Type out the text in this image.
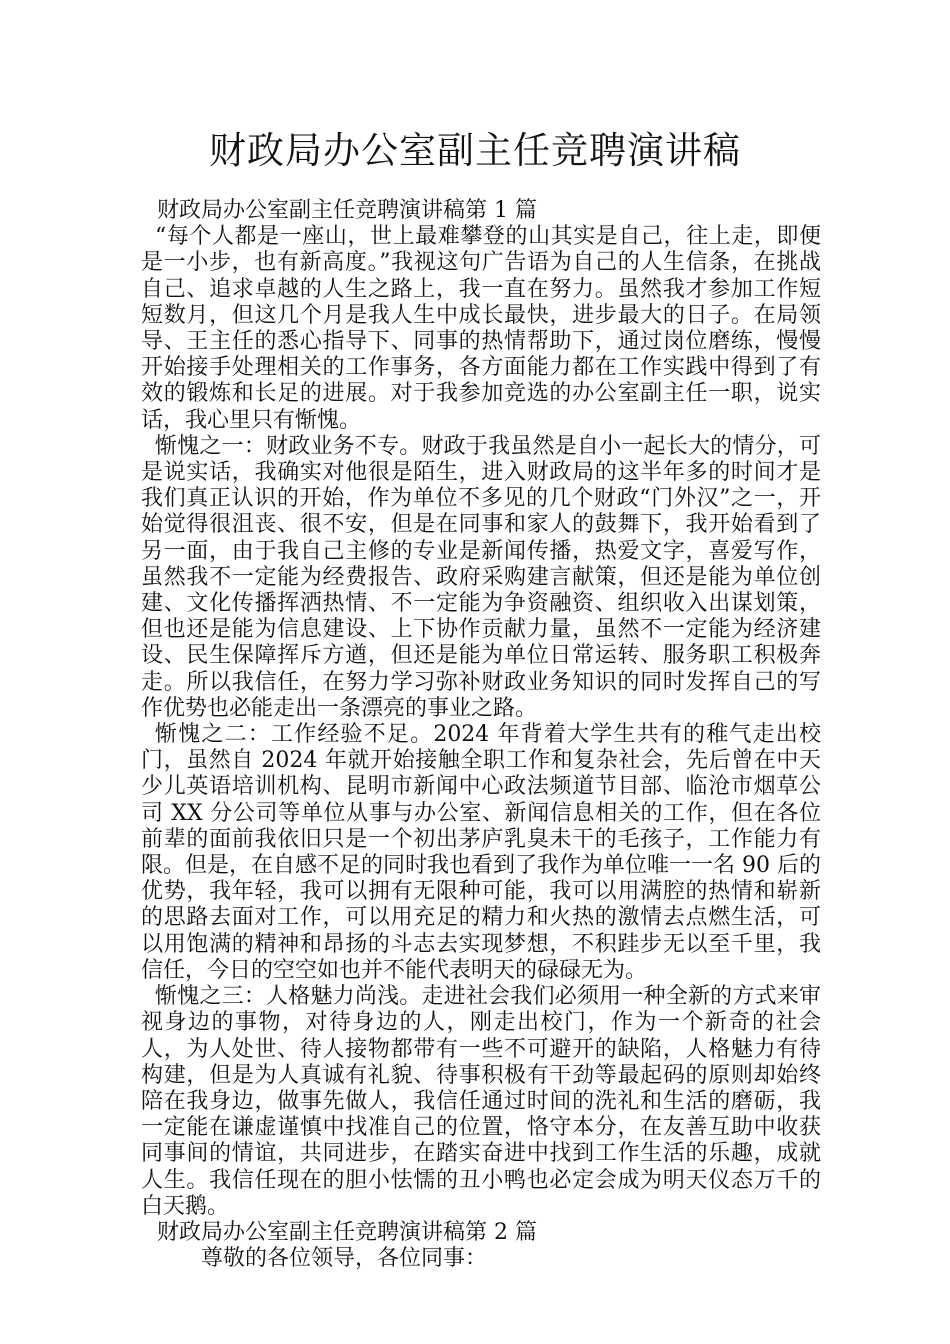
财政局办公室副主任竞聘演讲稿

财政局办公室副主任竞聘演讲稿第 1 篇

“每个人都是一座山，世上最难攀登的山其实是自己，往上走，即便是一小步，也有新高度。”我视这句广告语为自己的人生信条，在挑战自己、追求卓越的人生之路上，我一直在努力。虽然我才参加工作短短数月，但这几个月是我人生中成长最快，进步最大的日子。在局领导、王主任的悉心指导下、同事的热情帮助下，通过岗位磨练，慢慢开始接手处理相关的工作事务，各方面能力都在工作实践中得到了有效的锻炼和长足的进展。对于我参加竞选的办公室副主任一职，说实话，我心里只有惭愧。

惭愧之一：财政业务不专。财政于我虽然是自小一起长大的情分，可是说实话，我确实对他很是陌生，进入财政局的这半年多的时间才是我们真正认识的开始，作为单位不多见的几个财政“门外汉”之一，开始觉得很沮丧、很不安，但是在同事和家人的鼓舞下，我开始看到了另一面，由于我自己主修的专业是新闻传播，热爱文字，喜爱写作，虽然我不一定能为经费报告、政府采购建言献策，但还是能为单位创建、文化传播挥洒热情、不一定能为争资融资、组织收入出谋划策，但也还是能为信息建设、上下协作贡献力量，虽然不一定能为经济建设、民生保障挥斥方遒，但还是能为单位日常运转、服务职工积极奔走。所以我信任，在努力学习弥补财政业务知识的同时发挥自己的写作优势也必能走出一条漂亮的事业之路。

惭愧之二：工作经验不足。2024 年背着大学生共有的稚气走出校门，虽然自 2024 年就开始接触全职工作和复杂社会，先后曾在中天少儿英语培训机构、昆明市新闻中心政法频道节目部、临沧市烟草公司 XX 分公司等单位从事与办公室、新闻信息相关的工作，但在各位前辈的面前我依旧只是一个初出茅庐乳臭未干的毛孩子，工作能力有限。但是，在自感不足的同时我也看到了我作为单位唯一一名 90 后的优势，我年轻，我可以拥有无限种可能，我可以用满腔的热情和崭新的思路去面对工作，可以用充足的精力和火热的激情去点燃生活，可以用饱满的精神和昂扬的斗志去实现梦想，不积跬步无以至千里，我信任，今日的空空如也并不能代表明天的碌碌无为。

惭愧之三：人格魅力尚浅。走进社会我们必须用一种全新的方式来审视身边的事物，对待身边的人，刚走出校门，作为一个新奇的社会人，为人处世、待人接物都带有一些不可避开的缺陷，人格魅力有待构建，但是为人真诚有礼貌、待事积极有干劲等最起码的原则却始终陪在我身边，做事先做人，我信任通过时间的洗礼和生活的磨砺，我一定能在谦虚谨慎中找准自己的位置，恪守本分，在友善互助中收获同事间的情谊，共同进步，在踏实奋进中找到工作生活的乐趣，成就人生。我信任现在的胆小怯懦的丑小鸭也必定会成为明天仪态万千的白天鹅。

财政局办公室副主任竞聘演讲稿第 2 篇

尊敬的各位领导，各位同事：
